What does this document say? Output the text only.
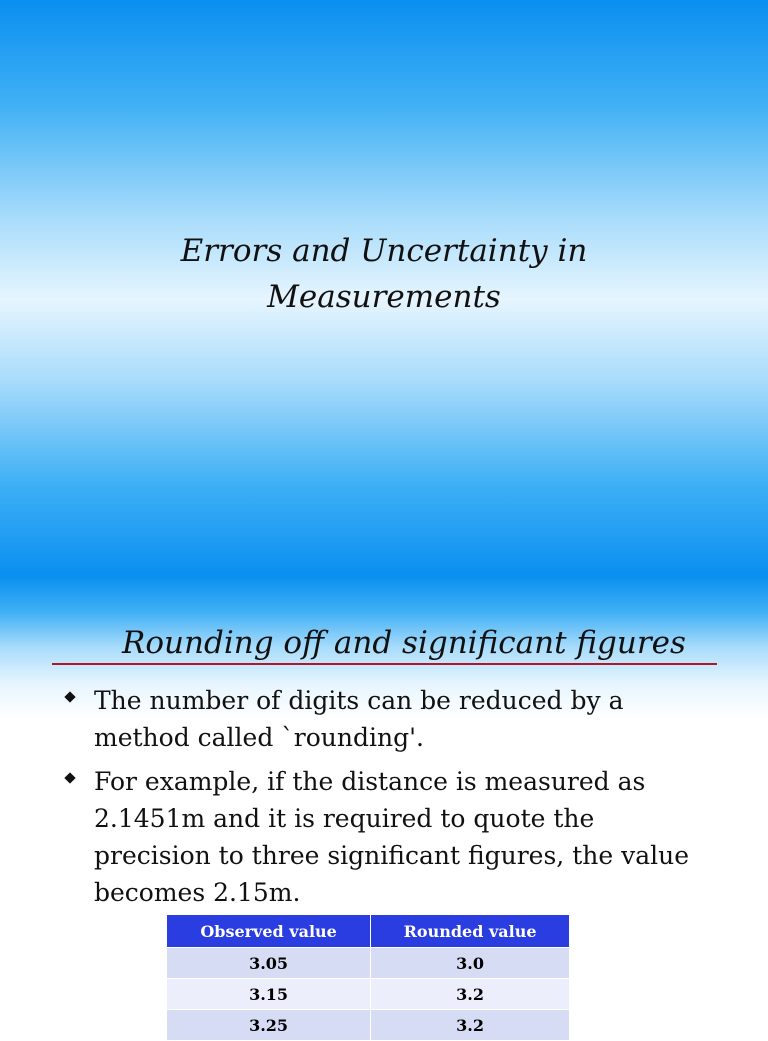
Errors and Uncertainty in
Measurements
Rounding off and significant figures
The number of digits can be reduced by a method called `rounding'.
For example, if the distance is measured as 2.1451m and it is required to quote the precision to three significant figures, the value becomes 2.15m.
Observed value	Rounded value
3.05	3.0
3.15	3.2
3.25	3.2
